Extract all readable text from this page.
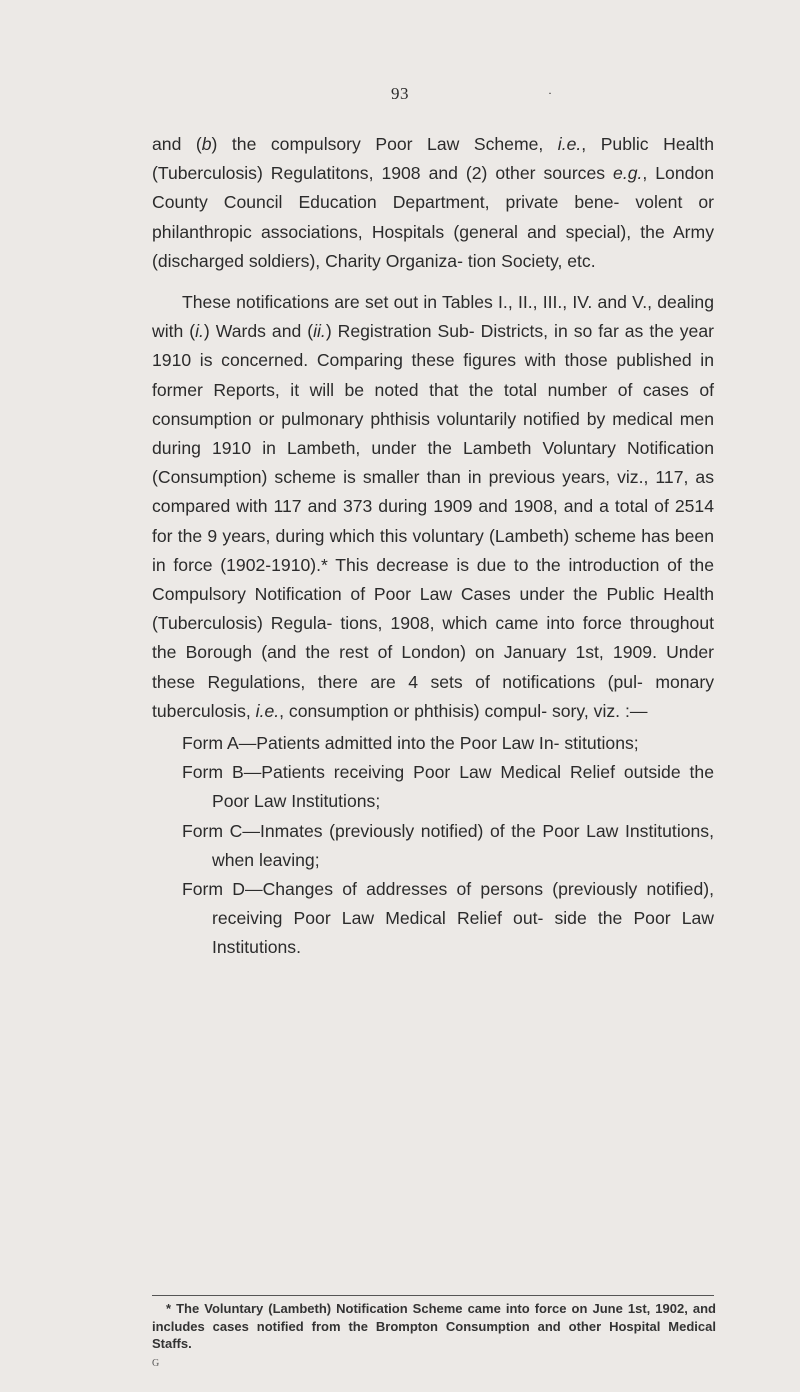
93	·

and (b) the compulsory Poor Law Scheme, i.e., Public Health (Tuberculosis) Regulatitons, 1908 and (2) other sources e.g., London County Council Education Department, private bene- volent or philanthropic associations, Hospitals (general and special), the Army (discharged soldiers), Charity Organiza- tion Society, etc.

These notifications are set out in Tables I., II., III., IV. and V., dealing with (i.) Wards and (ii.) Registration Sub- Districts, in so far as the year 1910 is concerned. Comparing these figures with those published in former Reports, it will be noted that the total number of cases of consumption or pulmonary phthisis voluntarily notified by medical men during 1910 in Lambeth, under the Lambeth Voluntary Notification (Consumption) scheme is smaller than in previous years, viz., 117, as compared with 117 and 373 during 1909 and 1908, and a total of 2514 for the 9 years, during which this voluntary (Lambeth) scheme has been in force (1902-1910).* This decrease is due to the introduction of the Compulsory Notification of Poor Law Cases under the Public Health (Tuberculosis) Regula- tions, 1908, which came into force throughout the Borough (and the rest of London) on January 1st, 1909. Under these Regulations, there are 4 sets of notifications (pul- monary tuberculosis, i.e., consumption or phthisis) compul- sory, viz. :—

Form A—Patients admitted into the Poor Law In- stitutions;
Form B—Patients receiving Poor Law Medical Relief outside the Poor Law Institutions;
Form C—Inmates (previously notified) of the Poor Law Institutions, when leaving;
Form D—Changes of addresses of persons (previously notified), receiving Poor Law Medical Relief out- side the Poor Law Institutions.
* The Voluntary (Lambeth) Notification Scheme came into force on June 1st, 1902, and includes cases notified from the Brompton Consumption and other Hospital Medical Staffs.
G
